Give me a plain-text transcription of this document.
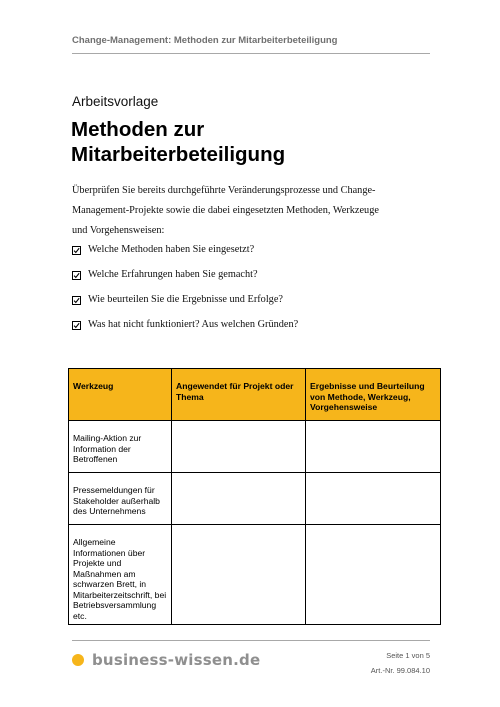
Change-Management: Methoden zur Mitarbeiterbeteiligung
Arbeitsvorlage
Methoden zur
Mitarbeiterbeteiligung

Überprüfen Sie bereits durchgeführte Veränderungsprozesse und Change-
Management-Projekte sowie die dabei eingesetzten Methoden, Werkzeuge
und Vorgehensweisen:

Welche Methoden haben Sie eingesetzt?
Welche Erfahrungen haben Sie gemacht?
Wie beurteilen Sie die Ergebnisse und Erfolge?
Was hat nicht funktioniert? Aus welchen Gründen?
Werkzeug	Angewendet für Projekt oder Thema	Ergebnisse und Beurteilung von Methode, Werkzeug, Vorgehensweise
Mailing-Aktion zur Information der Betroffenen		
Pressemeldungen für Stakeholder außerhalb des Unternehmens		
Allgemeine Informationen über Projekte und Maßnahmen am schwarzen Brett, in Mitarbeiterzeitschrift, bei Betriebsversammlung etc.		
business-wissen.de	Seite 1 von 5
Art.-Nr. 99.084.10
